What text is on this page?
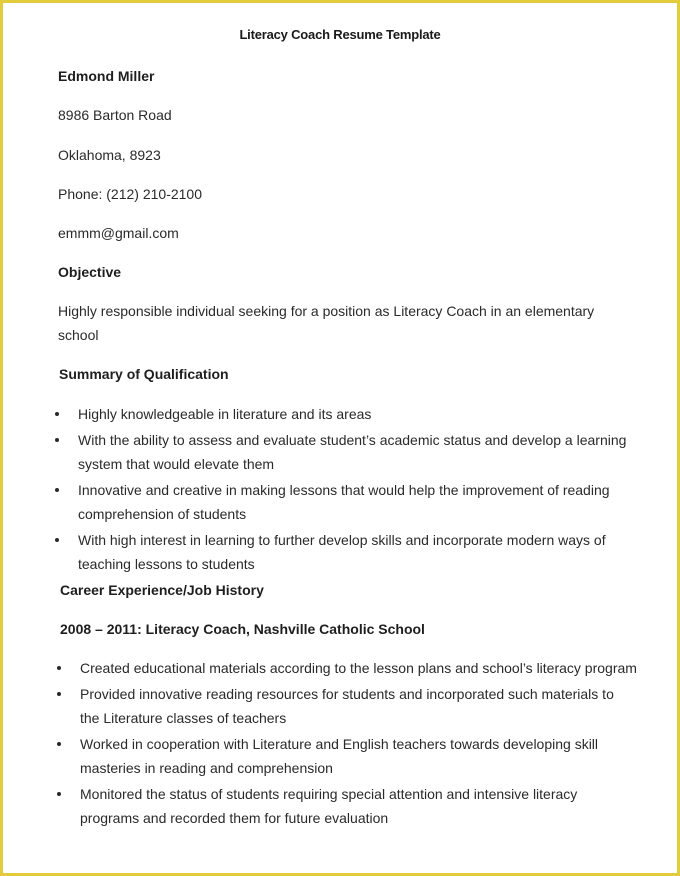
Literacy Coach Resume Template
Edmond Miller
8986 Barton Road
Oklahoma, 8923
Phone: (212) 210-2100
emmm@gmail.com
Objective
Highly responsible individual seeking for a position as Literacy Coach in an elementary school
Summary of Qualification
Highly knowledgeable in literature and its areas
With the ability to assess and evaluate student’s academic status and develop a learning system that would elevate them
Innovative and creative in making lessons that would help the improvement of reading comprehension of students
With high interest in learning to further develop skills and incorporate modern ways of teaching lessons to students
Career Experience/Job History
2008 – 2011: Literacy Coach, Nashville Catholic School
Created educational materials according to the lesson plans and school’s literacy program
Provided innovative reading resources for students and incorporated such materials to the Literature classes of teachers
Worked in cooperation with Literature and English teachers towards developing skill masteries in reading and comprehension
Monitored the status of students requiring special attention and intensive literacy programs and recorded them for future evaluation
